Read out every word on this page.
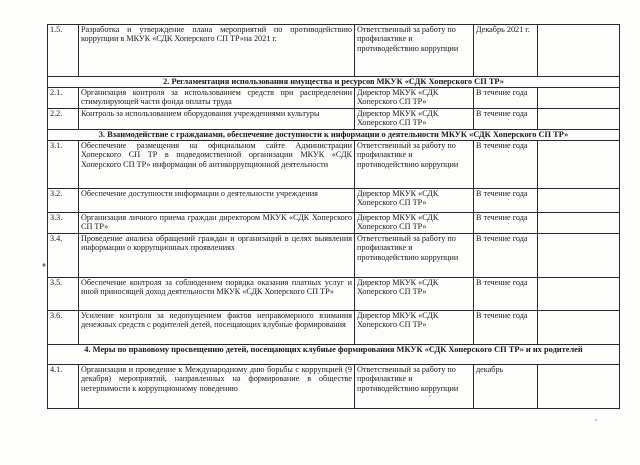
1.5.	Разработка и утверждение плана мероприятий по противодействию коррупции в МКУК «СДК Хоперского СП ТР»на 2021 г.	Ответственный за работу по профилактике и противодействию коррупции	Декабрь 2021 г.	
2. Регламентация использования имущества и ресурсов МКУК «СДК Хоперского СП ТР»				
2.1.	Организация контроля за использованием средств при распределении стимулирующей части фонда оплаты труда	Директор МКУК «СДК Хоперского СП ТР»	В течение года	
2.2.	Контроль за использованием оборудования учреждениями культуры	Директор МКУК «СДК Хоперского СП ТР»	В течение года	
3. Взаимодействие с гражданами, обеспечение доступности к информации о деятельности МКУК «СДК Хоперского СП ТР»				
3.1.	Обеспечение размещения на официальном сайте Администрации Хоперского СП ТР в подведомственной организации МКУК «СДК Хоперского СП ТР» информации об антикоррупционной деятельности	Ответственный за работу по профилактике и противодействию коррупции	В течение года	
3.2.	Обеспечение доступности информации о деятельности учреждения	Директор МКУК «СДК Хоперского СП ТР»	В течение года	
3.3.	Организация личного приема граждан директором МКУК «СДК Хоперского СП ТР»	Директор МКУК «СДК Хоперского СП ТР»	В течение года	
3.4.	Проведение анализа обращений граждан и организаций в целях выявления информации о коррупционных проявлениях	Ответственный за работу по профилактике и противодействию коррупции	В течение года	
3.5.	Обеспечение контроля за соблюдением порядка оказания платных услуг и иной приносящей доход деятельности МКУК «СДК Хоперского СП ТР»	Директор МКУК «СДК Хоперского СП ТР»	В течение года	
3.6.	Усиление контроля за недопущением фактов неправомерного взимания денежных средств с родителей детей, посещающих клубные формирования	Директор МКУК «СДК Хоперского СП ТР»	В течение года	
4. Меры по правовому просвещению детей, посещающих клубные формирования МКУК «СДК Хоперского СП ТР» и их родителей				
4.1.	Организация и проведение к Международному дню борьбы с коррупцией (9 декабря) мероприятий, направленных на формирование в обществе нетерпимости к коррупционному поведению	Ответственный за работу по профилактике и противодействию коррупции	декабрь	
